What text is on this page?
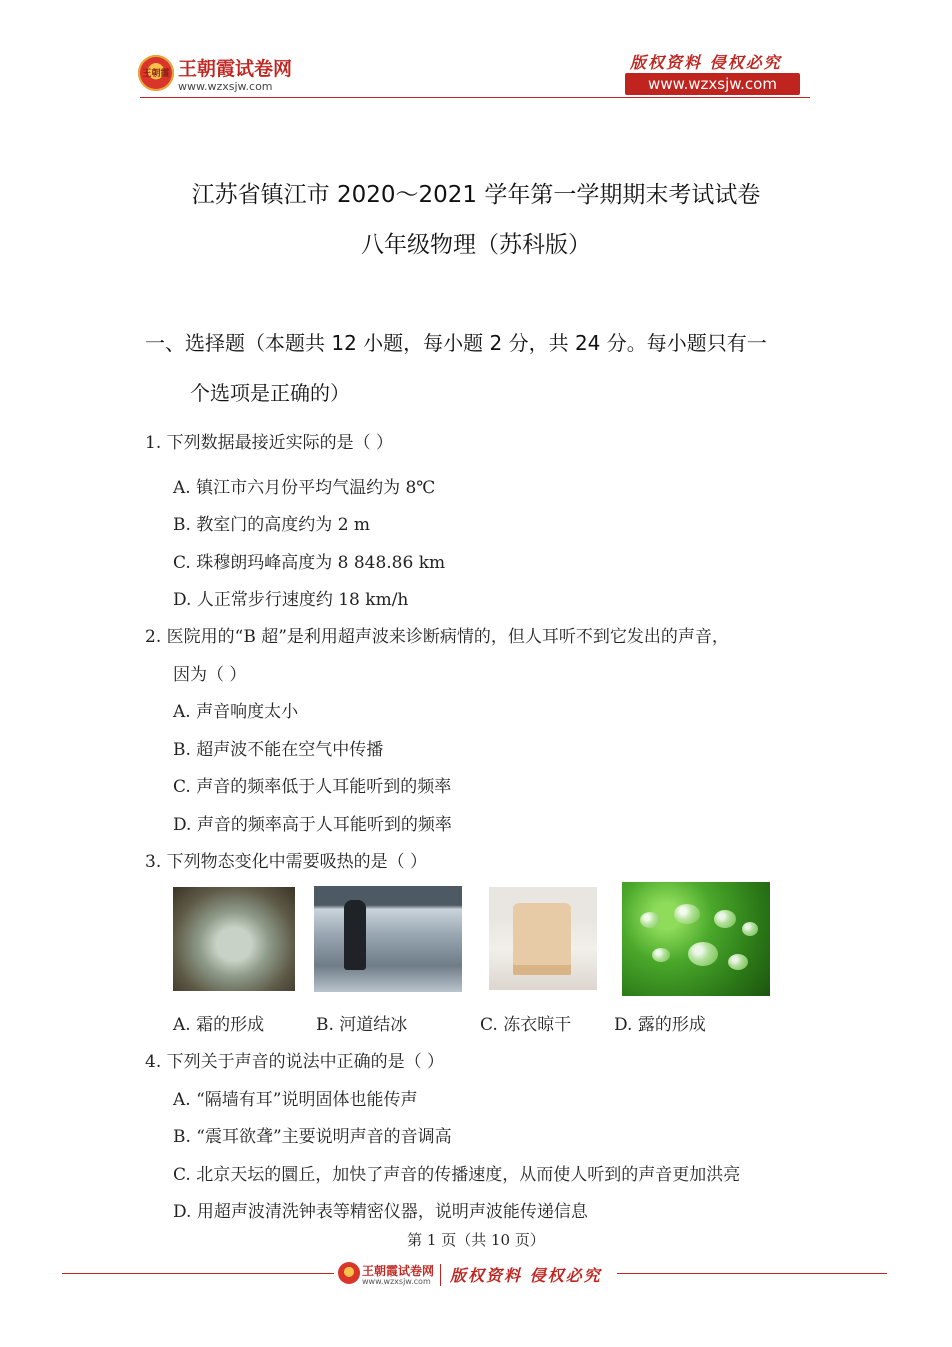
王朝霞 王朝霞试卷网
www.wzxsjw.com
版权资料 侵权必究
www.wzxsjw.com
江苏省镇江市 2020～2021 学年第一学期期末考试试卷
八年级物理（苏科版）
一、选择题（本题共 12 小题，每小题 2 分，共 24 分。每小题只有一
个选项是正确的）
1. 下列数据最接近实际的是（ ）
A. 镇江市六月份平均气温约为 8℃
B. 教室门的高度约为 2 m
C. 珠穆朗玛峰高度为 8 848.86 km
D. 人正常步行速度约 18 km/h
2. 医院用的“B 超”是利用超声波来诊断病情的，但人耳听不到它发出的声音，
因为（ ）
A. 声音响度太小
B. 超声波不能在空气中传播
C. 声音的频率低于人耳能听到的频率
D. 声音的频率高于人耳能听到的频率
3. 下列物态变化中需要吸热的是（ ）
A. 霜的形成	B. 河道结冰	C. 冻衣晾干	D. 露的形成
4. 下列关于声音的说法中正确的是（ ）
A. “隔墙有耳”说明固体也能传声
B. “震耳欲聋”主要说明声音的音调高
C. 北京天坛的圜丘，加快了声音的传播速度，从而使人听到的声音更加洪亮
D. 用超声波清洗钟表等精密仪器，说明声波能传递信息
第 1 页（共 10 页）
王朝霞试卷网
www.wzxsjw.com 版权资料 侵权必究
